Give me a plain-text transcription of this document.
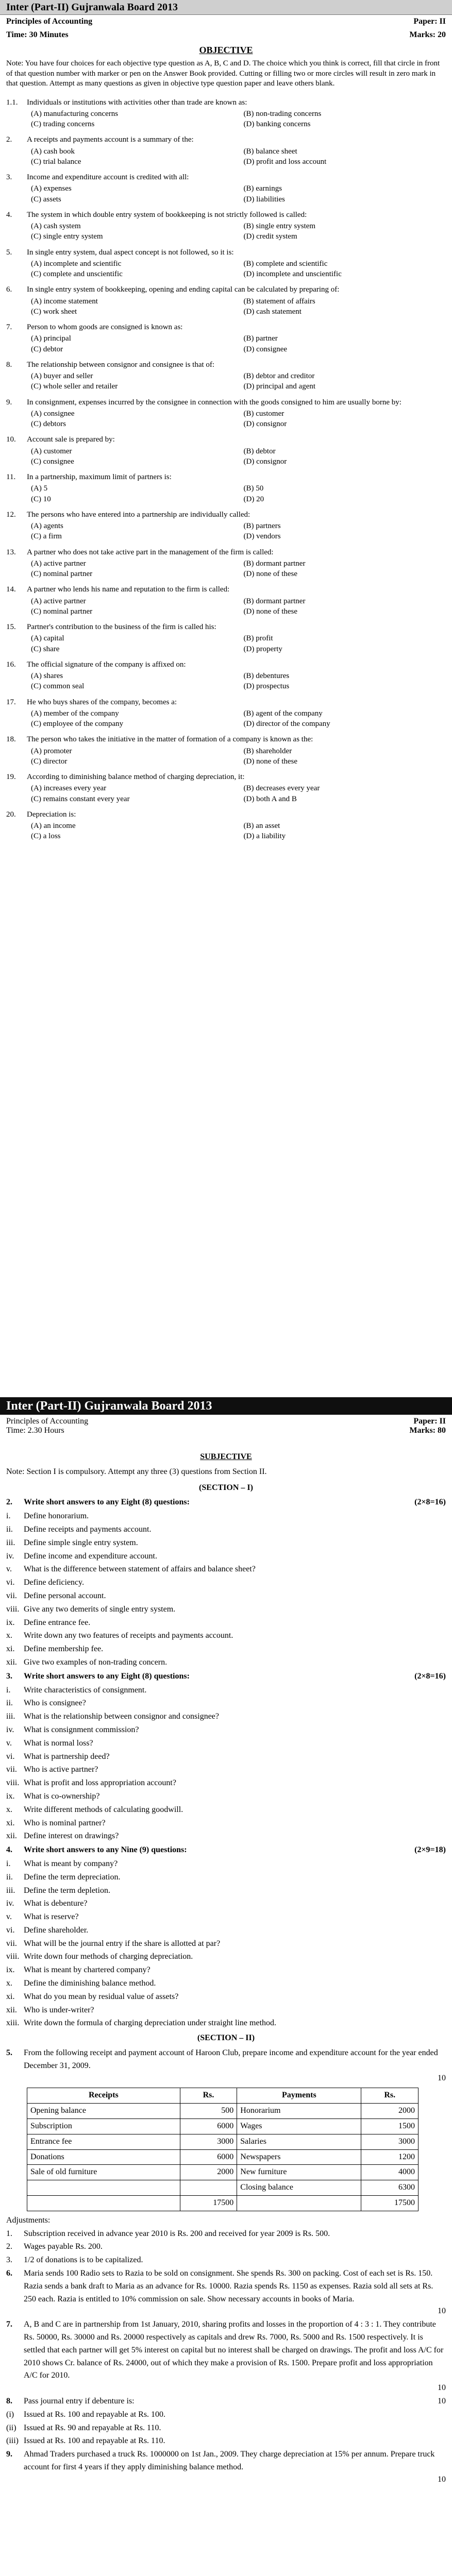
Inter (Part-II) Gujranwala Board 2013
Principles of Accounting	Paper: II
Time: 30 Minutes	Marks: 20
OBJECTIVE
Note: You have four choices for each objective type question as A, B, C and D. The choice which you think is correct, fill that circle in front of that question number with marker or pen on the Answer Book provided. Cutting or filling two or more circles will result in zero mark in that question. Attempt as many questions as given in objective type question paper and leave others blank.
1.1.	Individuals or institutions with activities other than trade are known as:
(A) manufacturing concerns	(B) non-trading concerns
(C) trading concerns	(D) banking concerns
2.	A receipts and payments account is a summary of the:
(A) cash book	(B) balance sheet
(C) trial balance	(D) profit and loss account
3.	Income and expenditure account is credited with all:
(A) expenses	(B) earnings
(C) assets	(D) liabilities
4.	The system in which double entry system of bookkeeping is not strictly followed is called:
(A) cash system	(B) single entry system
(C) single entry system	(D) credit system
5.	In single entry system, dual aspect concept is not followed, so it is:
(A) incomplete and scientific	(B) complete and scientific
(C) complete and unscientific	(D) incomplete and unscientific
6.	In single entry system of bookkeeping, opening and ending capital can be calculated by preparing of:
(A) income statement	(B) statement of affairs
(C) work sheet	(D) cash statement
7.	Person to whom goods are consigned is known as:
(A) principal	(B) partner
(C) debtor	(D) consignee
8.	The relationship between consignor and consignee is that of:
(A) buyer and seller	(B) debtor and creditor
(C) whole seller and retailer	(D) principal and agent
9.	In consignment, expenses incurred by the consignee in connection with the goods consigned to him are usually borne by:
(A) consignee	(B) customer
(C) debtors	(D) consignor
10.	Account sale is prepared by:
(A) customer	(B) debtor
(C) consignee	(D) consignor
11.	In a partnership, maximum limit of partners is:
(A) 5	(B) 50
(C) 10	(D) 20
12.	The persons who have entered into a partnership are individually called:
(A) agents	(B) partners
(C) a firm	(D) vendors
13.	A partner who does not take active part in the management of the firm is called:
(A) active partner	(B) dormant partner
(C) nominal partner	(D) none of these
14.	A partner who lends his name and reputation to the firm is called:
(A) active partner	(B) dormant partner
(C) nominal partner	(D) none of these
15.	Partner's contribution to the business of the firm is called his:
(A) capital	(B) profit
(C) share	(D) property
16.	The official signature of the company is affixed on:
(A) shares	(B) debentures
(C) common seal	(D) prospectus
17.	He who buys shares of the company, becomes a:
(A) member of the company	(B) agent of the company
(C) employee of the company	(D) director of the company
18.	The person who takes the initiative in the matter of formation of a company is known as the:
(A) promoter	(B) shareholder
(C) director	(D) none of these
19.	According to diminishing balance method of charging depreciation, it:
(A) increases every year	(B) decreases every year
(C) remains constant every year	(D) both A and B
20.	Depreciation is:
(A) an income	(B) an asset
(C) a loss	(D) a liability
Inter (Part-II) Gujranwala Board 2013
Principles of Accounting	Paper: II
Time: 2.30 Hours	Marks: 80
SUBJECTIVE
Note: Section I is compulsory. Attempt any three (3) questions from Section II.
(SECTION – I)
2.	Write short answers to any Eight (8) questions:	(2×8=16)
i.	Define honorarium.
ii.	Define receipts and payments account.
iii.	Define simple single entry system.
iv.	Define income and expenditure account.
v.	What is the difference between statement of affairs and balance sheet?
vi.	Define deficiency.
vii. Define personal account.
viii. Give any two demerits of single entry system.
ix.	Define entrance fee.
x.	Write down any two features of receipts and payments account.
xi.	Define membership fee.
xii. Give two examples of non-trading concern.
3.	Write short answers to any Eight (8) questions:	(2×8=16)
i.	Write characteristics of consignment.
ii.	Who is consignee?
iii.	What is the relationship between consignor and consignee?
iv.	What is consignment commission?
v.	What is normal loss?
vi.	What is partnership deed?
vii. Who is active partner?
viii. What is profit and loss appropriation account?
ix.	What is co-ownership?
x.	Write different methods of calculating goodwill.
xi.	Who is nominal partner?
xii. Define interest on drawings?
4.	Write short answers to any Nine (9) questions:	(2×9=18)
i.	What is meant by company?
ii.	Define the term depreciation.
iii.	Define the term depletion.
iv.	What is debenture?
v.	What is reserve?
vi.	Define shareholder.
vii. What will be the journal entry if the share is allotted at par?
viii. Write down four methods of charging depreciation.
ix.	What is meant by chartered company?
x.	Define the diminishing balance method.
xi.	What do you mean by residual value of assets?
xii. Who is under-writer?
xiii. Write down the formula of charging depreciation under straight line method.
(SECTION – II)
5.	From the following receipt and payment account of Haroon Club, prepare income and expenditure account for the year ended December 31, 2009.
10
Receipts	Rs.	Payments	Rs.
Opening balance	500	Honorarium	2000
Subscription	6000	Wages	1500
Entrance fee	3000	Salaries	3000
Donations	6000	Newspapers	1200
Sale of old furniture	2000	New furniture	4000
		Closing balance	6300
	17500		17500
Adjustments:
1.	Subscription received in advance year 2010 is Rs. 200 and received for year 2009 is Rs. 500.
2.	Wages payable Rs. 200.
3.	1/2 of donations is to be capitalized.
6.	Maria sends 100 Radio sets to Razia to be sold on consignment. She spends Rs. 300 on packing. Cost of each set is Rs. 150. Razia sends a bank draft to Maria as an advance for Rs. 10000. Razia spends Rs. 1150 as expenses. Razia sold all sets at Rs. 250 each. Razia is entitled to 10% commission on sale. Show necessary accounts in books of Maria.
10
7.	A, B and C are in partnership from 1st January, 2010, sharing profits and losses in the proportion of 4 : 3 : 1. They contribute Rs. 50000, Rs. 30000 and Rs. 20000 respectively as capitals and drew Rs. 7000, Rs. 5000 and Rs. 1500 respectively. It is settled that each partner will get 5% interest on capital but no interest shall be charged on drawings. The profit and loss A/C for 2010 shows Cr. balance of Rs. 24000, out of which they make a provision of Rs. 1500. Prepare profit and loss appropriation A/C for 2010.
10
8.	Pass journal entry if debenture is:	10
(i)	Issued at Rs. 100 and repayable at Rs. 100.
(ii) Issued at Rs. 90 and repayable at Rs. 110.
(iii) Issued at Rs. 100 and repayable at Rs. 110.
9.	Ahmad Traders purchased a truck Rs. 1000000 on 1st Jan., 2009. They charge depreciation at 15% per annum. Prepare truck account for first 4 years if they apply diminishing balance method.
10
